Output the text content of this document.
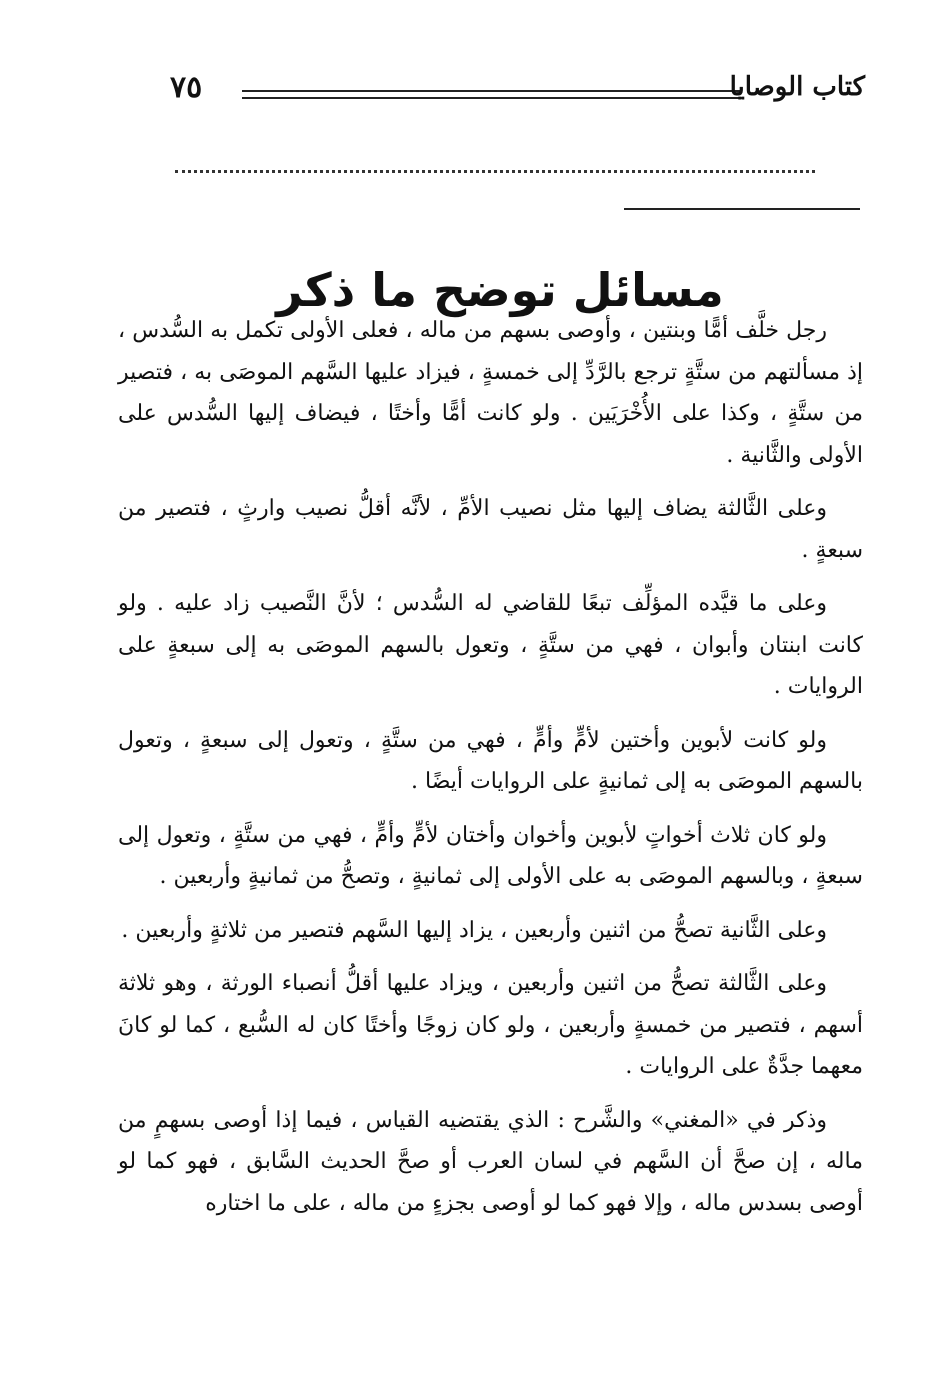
٧٥	كتاب الوصايا
مسائل توضح ما ذكر

رجل خلَّف أمًّا وبنتين ، وأوصى بسهم من ماله ، فعلى الأولى تكمل به السُّدس ، إذ مسألتهم من ستَّةٍ ترجع بالرَّدِّ إلى خمسةٍ ، فيزاد عليها السَّهم الموصَى به ، فتصير من ستَّةٍ ، وكذا على الأُخْرَيَين . ولو كانت أمًّا وأختًا ، فيضاف إليها السُّدس على الأولى والثَّانية .

وعلى الثَّالثة يضاف إليها مثل نصيب الأمِّ ، لأنَّه أقلُّ نصيب وارثٍ ، فتصير من سبعةٍ .

وعلى ما قيَّده المؤلِّف تبعًا للقاضي له السُّدس ؛ لأنَّ النَّصيب زاد عليه . ولو كانت ابنتان وأبوان ، فهي من ستَّةٍ ، وتعول بالسهم الموصَى به إلى سبعةٍ على الروايات .

ولو كانت لأبوين وأختين لأمٍّ وأمٍّ ، فهي من ستَّةٍ ، وتعول إلى سبعةٍ ، وتعول بالسهم الموصَى به إلى ثمانيةٍ على الروايات أيضًا .

ولو كان ثلاث أخواتٍ لأبوين وأخوان وأختان لأمٍّ وأمٍّ ، فهي من ستَّةٍ ، وتعول إلى سبعةٍ ، وبالسهم الموصَى به على الأولى إلى ثمانيةٍ ، وتصحُّ من ثمانيةٍ وأربعين .

وعلى الثَّانية تصحُّ من اثنين وأربعين ، يزاد إليها السَّهم فتصير من ثلاثةٍ وأربعين .

وعلى الثَّالثة تصحُّ من اثنين وأربعين ، ويزاد عليها أقلُّ أنصباء الورثة ، وهو ثلاثة أسهم ، فتصير من خمسةٍ وأربعين ، ولو كان زوجًا وأختًا كان له السُّبع ، كما لو كانَ معهما جدَّةٌ على الروايات .

وذكر في «المغني» والشَّرح : الذي يقتضيه القياس ، فيما إذا أوصى بسهمٍ من ماله ، إن صحَّ أن السَّهم في لسان العرب أو صحَّ الحديث السَّابق ، فهو كما لو أوصى بسدس ماله ، وإلا فهو كما لو أوصى بجزءٍ من ماله ، على ما اختاره
